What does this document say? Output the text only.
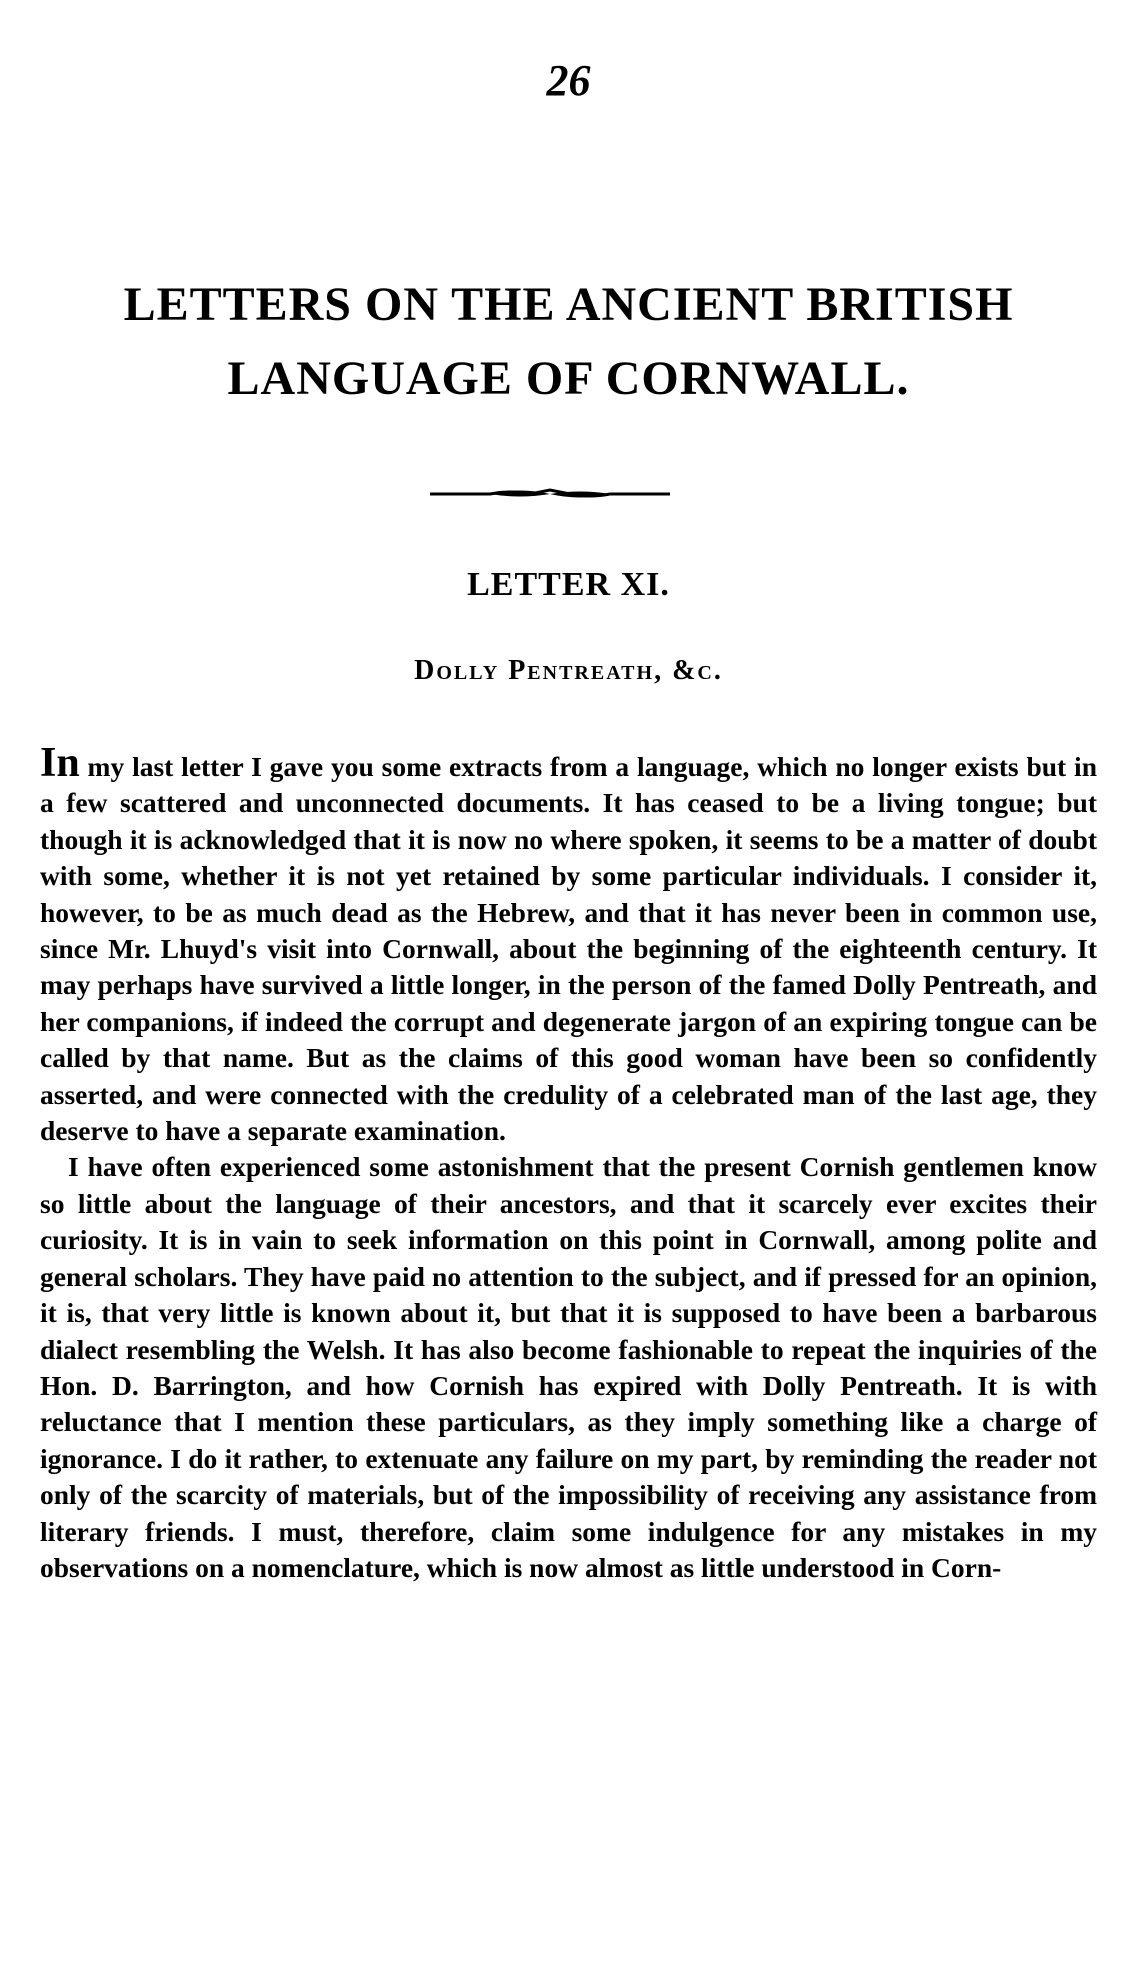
26
LETTERS ON THE ANCIENT BRITISH
LANGUAGE OF CORNWALL.
LETTER XI.
Dolly Pentreath, &c.

In my last letter I gave you some extracts from a language, which no longer exists but in a few scattered and unconnected documents. It has ceased to be a living tongue; but though it is acknowledged that it is now no where spoken, it seems to be a matter of doubt with some, whether it is not yet retained by some particular individuals. I consider it, however, to be as much dead as the Hebrew, and that it has never been in common use, since Mr. Lhuyd's visit into Cornwall, about the beginning of the eighteenth century. It may perhaps have survived a little longer, in the person of the famed Dolly Pentreath, and her companions, if indeed the corrupt and degenerate jargon of an expiring tongue can be called by that name. But as the claims of this good woman have been so confidently asserted, and were connected with the credulity of a celebrated man of the last age, they deserve to have a separate examination.

I have often experienced some astonishment that the present Cornish gentlemen know so little about the language of their ancestors, and that it scarcely ever excites their curiosity. It is in vain to seek information on this point in Cornwall, among polite and general scholars. They have paid no attention to the subject, and if pressed for an opinion, it is, that very little is known about it, but that it is supposed to have been a barbarous dialect resembling the Welsh. It has also become fashionable to repeat the inquiries of the Hon. D. Barrington, and how Cornish has expired with Dolly Pentreath. It is with reluctance that I mention these particulars, as they imply something like a charge of ignorance. I do it rather, to extenuate any failure on my part, by reminding the reader not only of the scarcity of materials, but of the impossibility of receiving any assistance from literary friends. I must, therefore, claim some indulgence for any mistakes in my observations on a nomenclature, which is now almost as little understood in Corn-
